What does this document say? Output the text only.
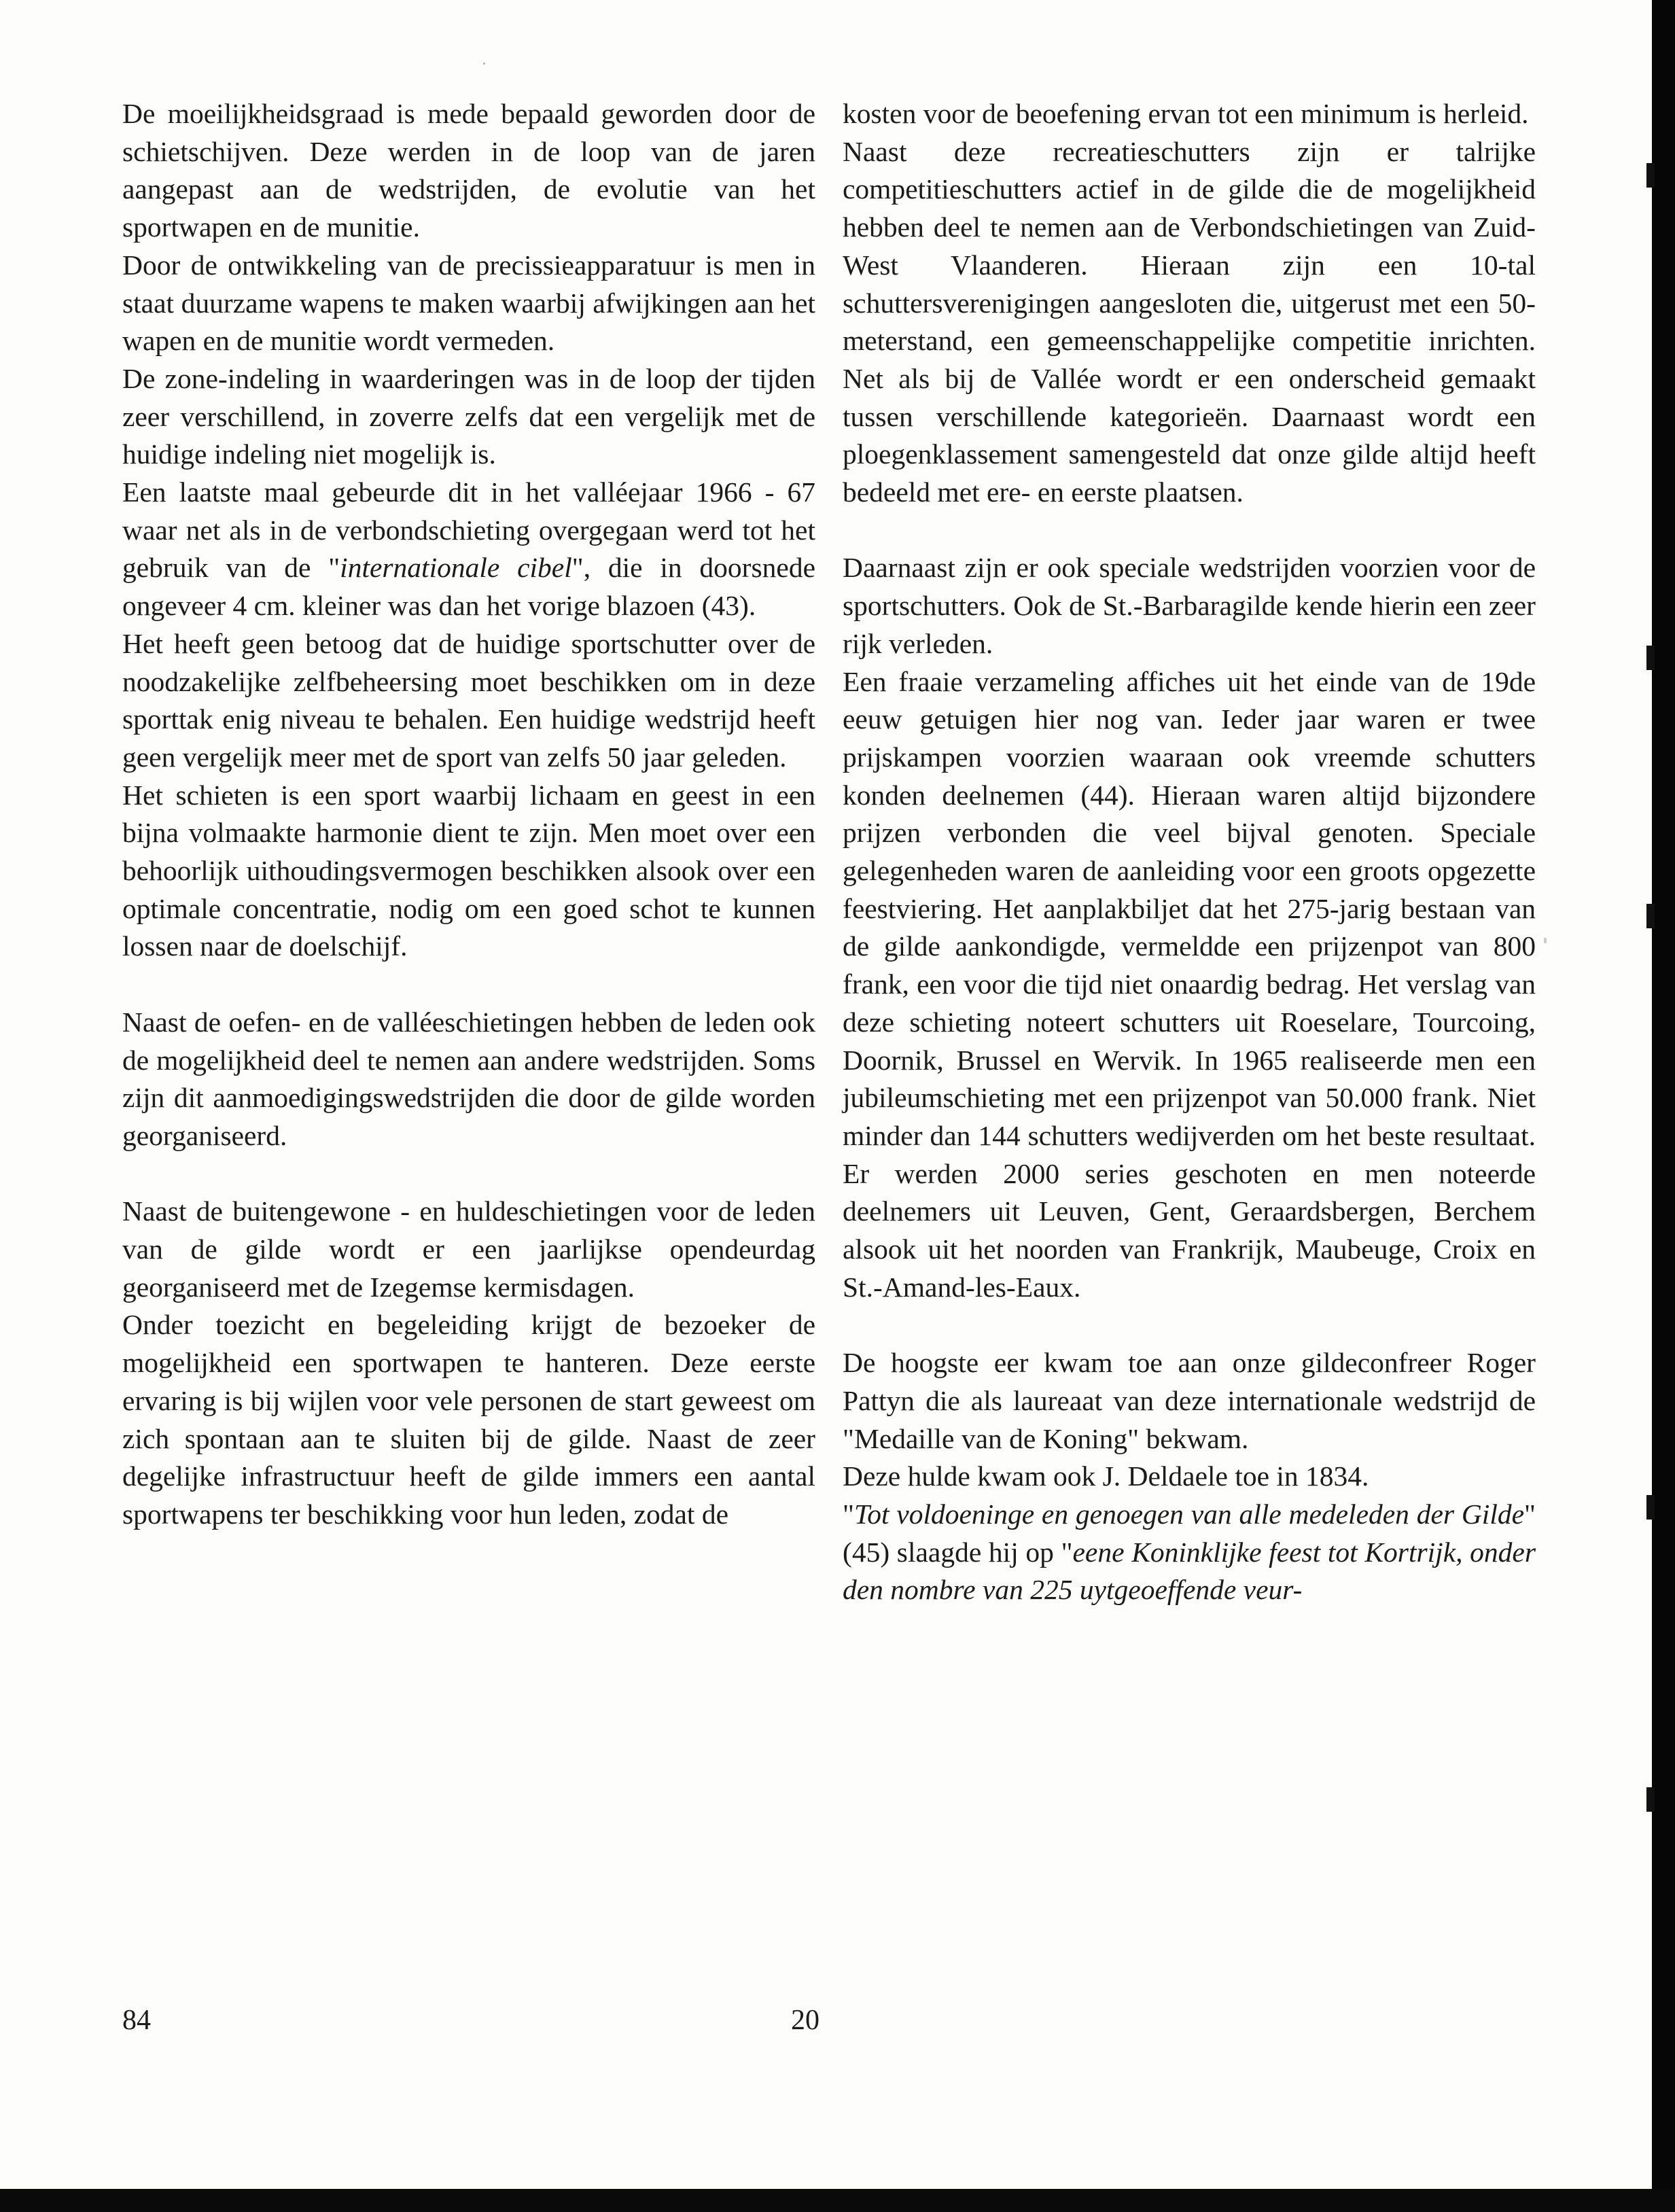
De moeilijkheidsgraad is mede bepaald geworden door de schietschijven. Deze werden in de loop van de jaren aangepast aan de wedstrijden, de evolutie van het sportwapen en de munitie.

Door de ontwikkeling van de precissieapparatuur is men in staat duurzame wapens te maken waarbij afwijkingen aan het wapen en de munitie wordt vermeden.

De zone-indeling in waarderingen was in de loop der tijden zeer verschillend, in zoverre zelfs dat een vergelijk met de huidige indeling niet mogelijk is.

Een laatste maal gebeurde dit in het valléejaar 1966 - 67 waar net als in de verbondschieting overgegaan werd tot het gebruik van de "internationale cibel", die in doorsnede ongeveer 4 cm. kleiner was dan het vorige blazoen (43).

Het heeft geen betoog dat de huidige sportschutter over de noodzakelijke zelfbeheersing moet beschikken om in deze sporttak enig niveau te behalen. Een huidige wedstrijd heeft geen vergelijk meer met de sport van zelfs 50 jaar geleden.

Het schieten is een sport waarbij lichaam en geest in een bijna volmaakte harmonie dient te zijn. Men moet over een behoorlijk uithoudingsvermogen beschikken alsook over een optimale concentratie, nodig om een goed schot te kunnen lossen naar de doelschijf.

Naast de oefen- en de valléeschietingen hebben de leden ook de mogelijkheid deel te nemen aan andere wedstrijden. Soms zijn dit aanmoedigingswedstrijden die door de gilde worden georganiseerd.

Naast de buitengewone - en huldeschietingen voor de leden van de gilde wordt er een jaarlijkse opendeurdag georganiseerd met de Izegemse kermisdagen.

Onder toezicht en begeleiding krijgt de bezoeker de mogelijkheid een sportwapen te hanteren. Deze eerste ervaring is bij wijlen voor vele personen de start geweest om zich spontaan aan te sluiten bij de gilde. Naast de zeer degelijke infrastructuur heeft de gilde immers een aantal sportwapens ter beschikking voor hun leden, zodat de

kosten voor de beoefening ervan tot een minimum is herleid.

Naast deze recreatieschutters zijn er talrijke competitieschutters actief in de gilde die de mogelijkheid hebben deel te nemen aan de Verbondschietingen van Zuid-West Vlaanderen. Hieraan zijn een 10-tal schuttersverenigingen aangesloten die, uitgerust met een 50-meterstand, een gemeenschappelijke competitie inrichten. Net als bij de Vallée wordt er een onderscheid gemaakt tussen verschillende kategorieën. Daarnaast wordt een ploegenklassement samengesteld dat onze gilde altijd heeft bedeeld met ere- en eerste plaatsen.

Daarnaast zijn er ook speciale wedstrijden voorzien voor de sportschutters. Ook de St.-Barbaragilde kende hierin een zeer rijk verleden.

Een fraaie verzameling affiches uit het einde van de 19de eeuw getuigen hier nog van. Ieder jaar waren er twee prijskampen voorzien waaraan ook vreemde schutters konden deelnemen (44). Hieraan waren altijd bijzondere prijzen verbonden die veel bijval genoten. Speciale gelegenheden waren de aanleiding voor een groots opgezette feestviering. Het aanplakbiljet dat het 275-jarig bestaan van de gilde aankondigde, vermeldde een prijzenpot van 800 frank, een voor die tijd niet onaardig bedrag. Het verslag van deze schieting noteert schutters uit Roeselare, Tourcoing, Doornik, Brussel en Wervik. In 1965 realiseerde men een jubileumschieting met een prijzenpot van 50.000 frank. Niet minder dan 144 schutters wedijverden om het beste resultaat. Er werden 2000 series geschoten en men noteerde deelnemers uit Leuven, Gent, Geraardsbergen, Berchem alsook uit het noorden van Frankrijk, Maubeuge, Croix en St.-Amand-les-Eaux.

De hoogste eer kwam toe aan onze gildeconfreer Roger Pattyn die als laureaat van deze internationale wedstrijd de "Medaille van de Koning" bekwam.

Deze hulde kwam ook J. Deldaele toe in 1834.

"Tot voldoeninge en genoegen van alle medeleden der Gilde" (45) slaagde hij op "eene Koninklijke feest tot Kortrijk, onder den nombre van 225 uytgeoeffende veur-

84	20
